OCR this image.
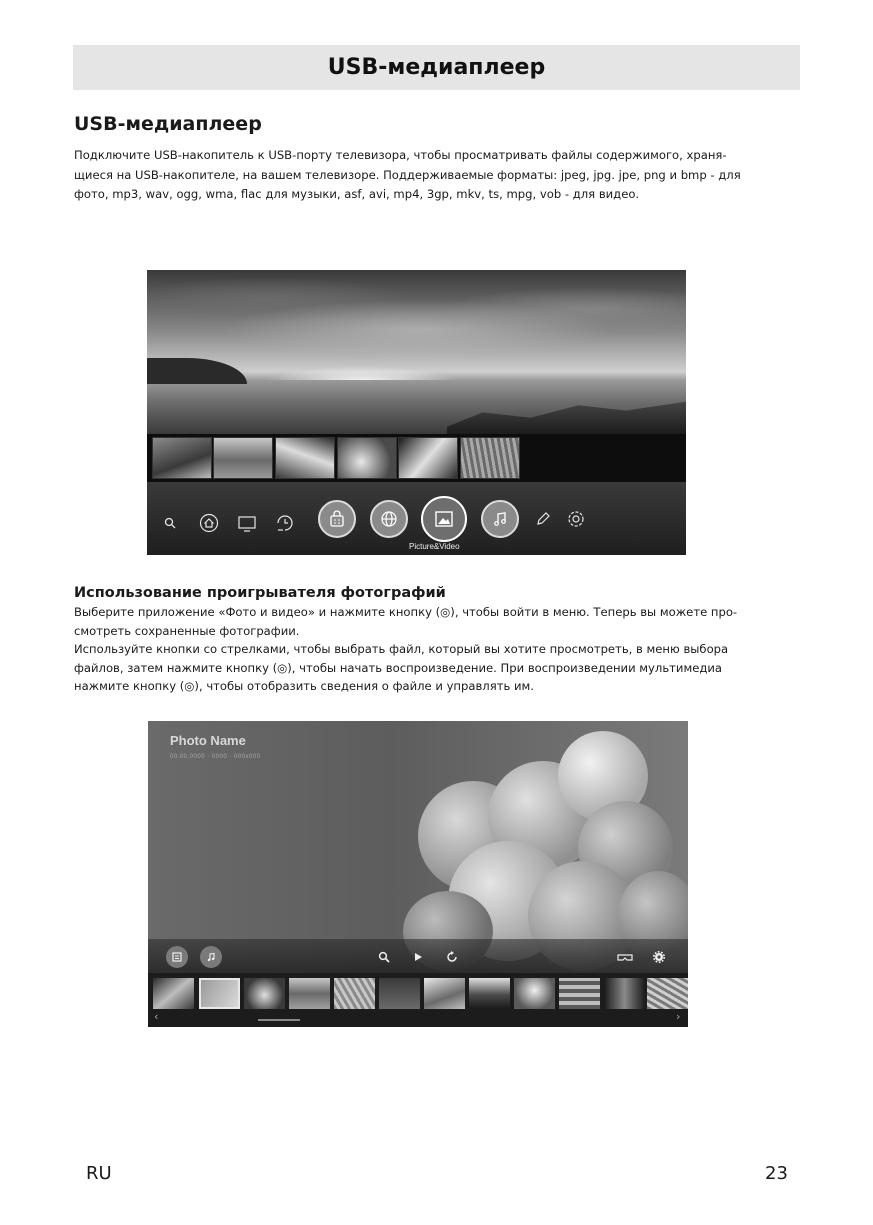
USB-медиаплеер
USB-медиаплеер
Подключите USB-накопитель к USB-порту телевизора, чтобы просматривать файлы содержимого, храня-
щиеся на USB-накопителе, на вашем телевизоре. Поддерживаемые форматы: jpeg, jpg. jpe, png и bmp - для
фото, mp3, wav, ogg, wma, flac для музыки, asf, avi, mp4, 3gp, mkv, ts, mpg, vob - для видео.
Picture&Video
Использование проигрывателя фотографий
Выберите приложение «Фото и видео» и нажмите кнопку (◎), чтобы войти в меню. Теперь вы можете про-
смотреть сохраненные фотографии.
Используйте кнопки со стрелками, чтобы выбрать файл, который вы хотите просмотреть, в меню выбора
файлов, затем нажмите кнопку (◎), чтобы начать воспроизведение. При воспроизведении мультимедиа
нажмите кнопку (◎), чтобы отобразить сведения о файле и управлять им.
Photo Name
00.00.0000 · 0000 · 000x000
‹	›
RU	23
